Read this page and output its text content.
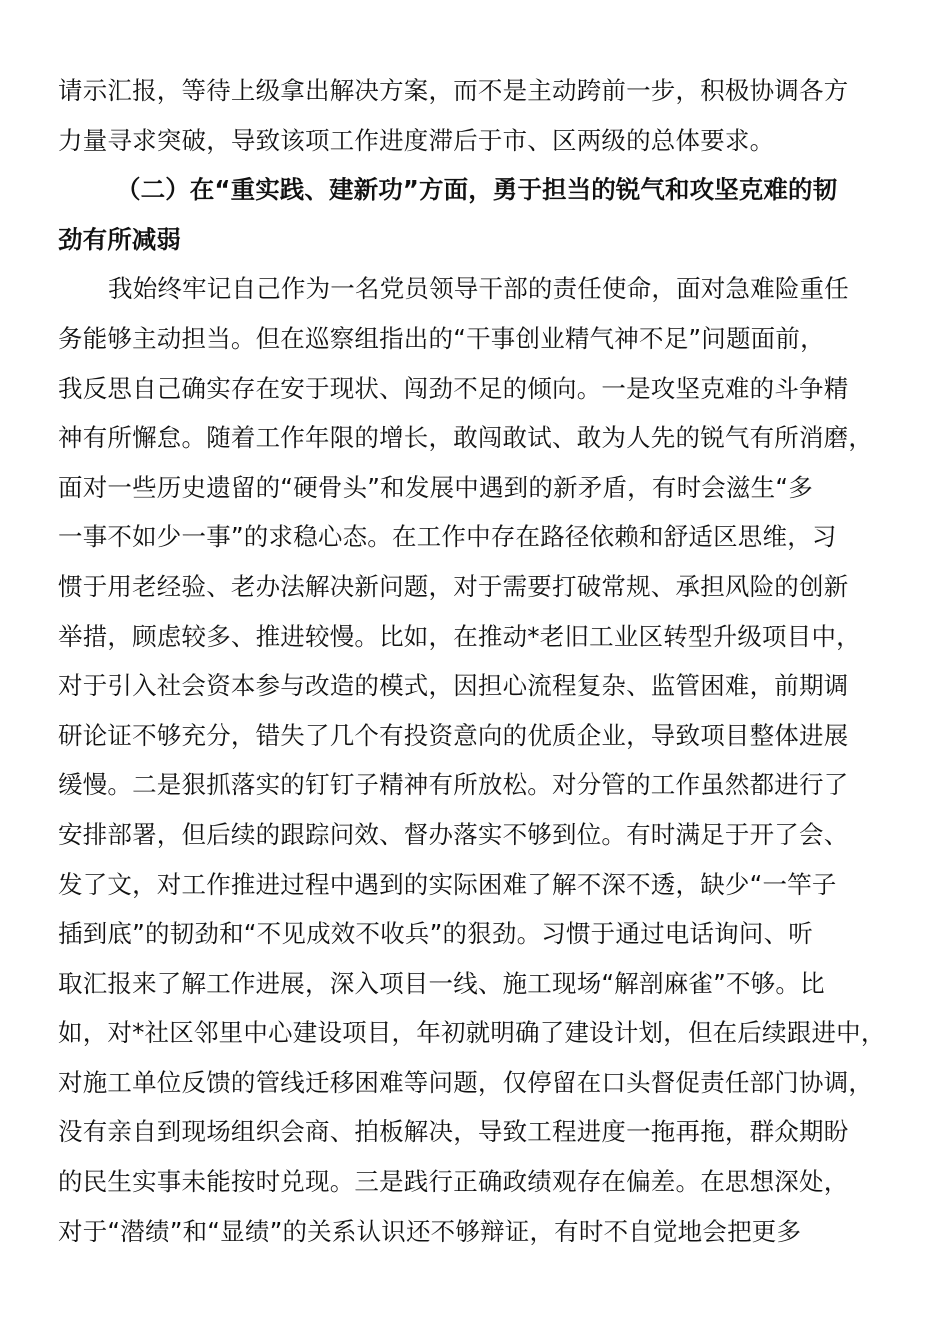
请示汇报，等待上级拿出解决方案，而不是主动跨前一步，积极协调各方
力量寻求突破，导致该项工作进度滞后于市、区两级的总体要求。
（二）在“重实践、建新功”方面，勇于担当的锐气和攻坚克难的韧
劲有所减弱
我始终牢记自己作为一名党员领导干部的责任使命，面对急难险重任
务能够主动担当。但在巡察组指出的“干事创业精气神不足”问题面前，
我反思自己确实存在安于现状、闯劲不足的倾向。一是攻坚克难的斗争精
神有所懈怠。随着工作年限的增长，敢闯敢试、敢为人先的锐气有所消磨，
面对一些历史遗留的“硬骨头”和发展中遇到的新矛盾，有时会滋生“多
一事不如少一事”的求稳心态。在工作中存在路径依赖和舒适区思维，习
惯于用老经验、老办法解决新问题，对于需要打破常规、承担风险的创新
举措，顾虑较多、推进较慢。比如，在推动*老旧工业区转型升级项目中，
对于引入社会资本参与改造的模式，因担心流程复杂、监管困难，前期调
研论证不够充分，错失了几个有投资意向的优质企业，导致项目整体进展
缓慢。二是狠抓落实的钉钉子精神有所放松。对分管的工作虽然都进行了
安排部署，但后续的跟踪问效、督办落实不够到位。有时满足于开了会、
发了文，对工作推进过程中遇到的实际困难了解不深不透，缺少“一竿子
插到底”的韧劲和“不见成效不收兵”的狠劲。习惯于通过电话询问、听
取汇报来了解工作进展，深入项目一线、施工现场“解剖麻雀”不够。比
如，对*社区邻里中心建设项目，年初就明确了建设计划，但在后续跟进中，
对施工单位反馈的管线迁移困难等问题，仅停留在口头督促责任部门协调，
没有亲自到现场组织会商、拍板解决，导致工程进度一拖再拖，群众期盼
的民生实事未能按时兑现。三是践行正确政绩观存在偏差。在思想深处，
对于“潜绩”和“显绩”的关系认识还不够辩证，有时不自觉地会把更多
